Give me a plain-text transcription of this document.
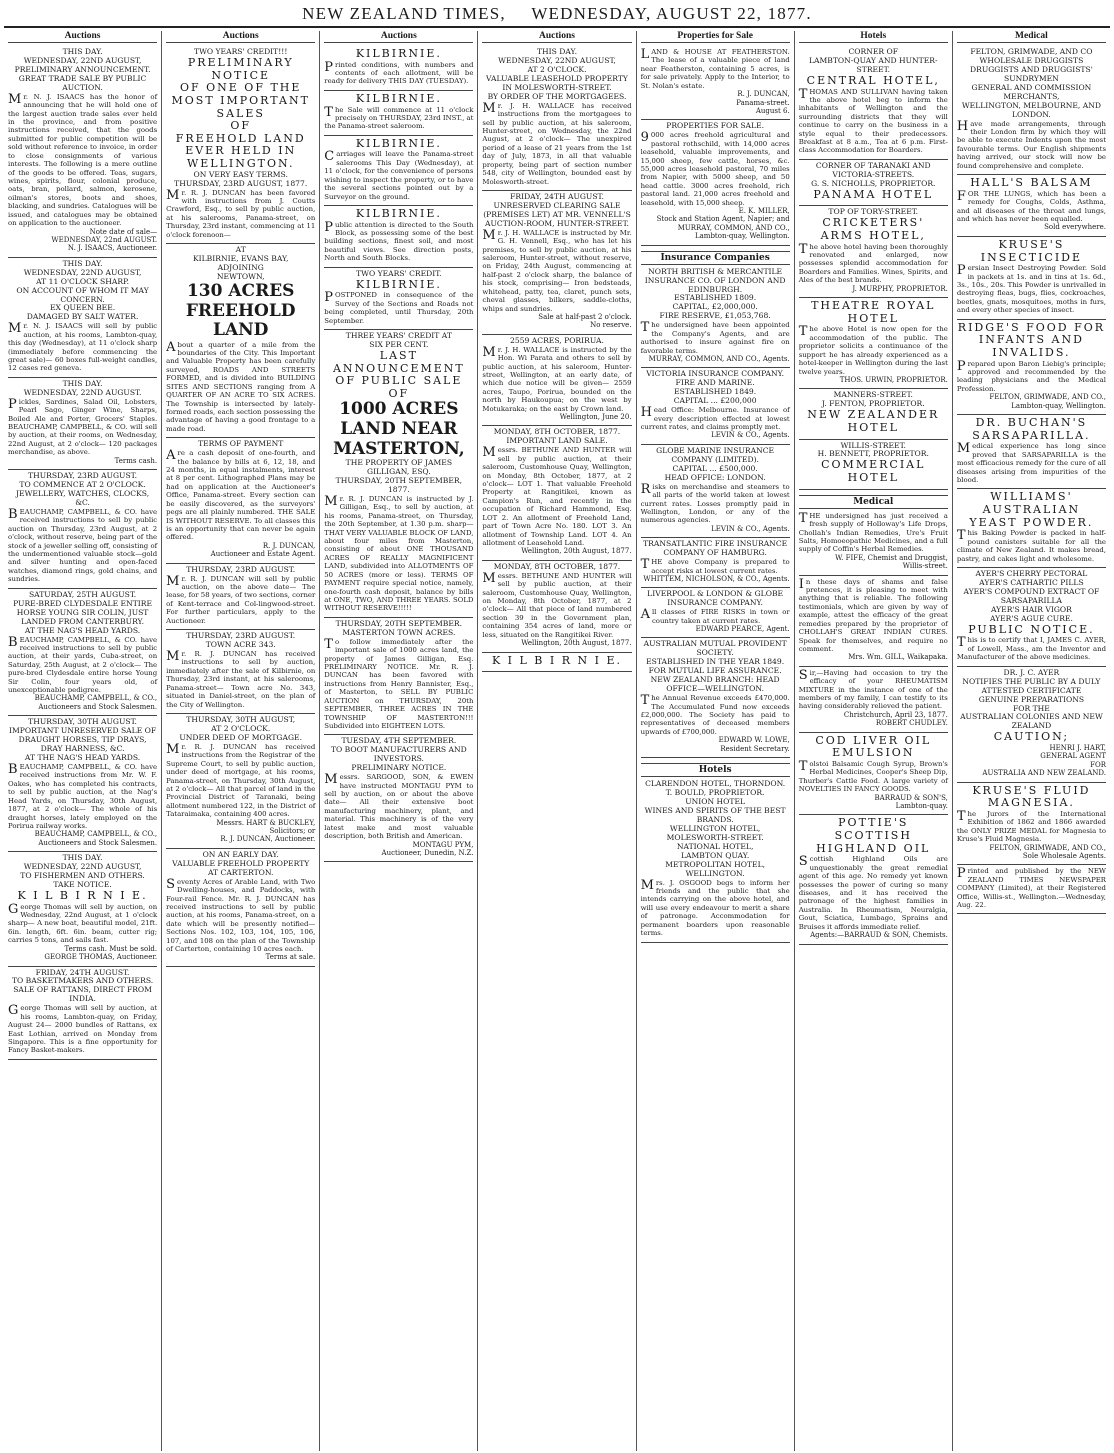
NEW ZEALAND TIMES, WEDNESDAY, AUGUST 22, 1877.
Auctions
THIS DAY.
WEDNESDAY, 22ND AUGUST,
PRELIMINARY ANNOUNCEMENT.
GREAT TRADE SALE BY PUBLIC AUCTION.
Mr. N. J. ISAACS has the honor of announcing that he will hold one of the largest auction trade sales ever held in the province, and from positive instructions received, that the goods submitted for public competition will be sold without reference to invoice, in order to close consignments of various interests. The following is a mere outline of the goods to be offered. Teas, sugars, wines, spirits, flour, colonial produce, oats, bran, pollard, salmon, kerosene, oilman's stores, boots and shoes, blacking, and sundries. Catalogues will be issued, and catalogues may be obtained on application to the auctioneer.
Note date of sale—
WEDNESDAY, 22nd AUGUST.
N. J. ISAACS, Auctioneer.
THIS DAY.
WEDNESDAY, 22ND AUGUST,
AT 11 O'CLOCK SHARP.
ON ACCOUNT OF WHOM IT MAY CONCERN.
EX QUEEN BEE.
DAMAGED BY SALT WATER.
Mr. N. J. ISAACS will sell by public auction, at his rooms, Lambton-quay, this day (Wednesday), at 11 o'clock sharp (immediately before commencing the great sale)— 60 boxes full-weight candles, 12 cases red geneva.
THIS DAY.
WEDNESDAY, 22ND AUGUST.
Pickles, Sardines, Salad Oil, Lobsters, Pearl Sago, Ginger Wine, Sharps, Boiled Ale and Porter, Grocers' Staples. BEAUCHAMP, CAMPBELL, & CO. will sell by auction, at their rooms, on Wednesday, 22nd August, at 2 o'clock— 120 packages merchandise, as above.
Terms cash.
THURSDAY, 23RD AUGUST.
TO COMMENCE AT 2 O'CLOCK.
JEWELLERY, WATCHES, CLOCKS, &C.
BEAUCHAMP, CAMPBELL, & CO. have received instructions to sell by public auction on Thursday, 23rd August, at 2 o'clock, without reserve, being part of the stock of a jeweller selling off, consisting of the undermentioned valuable stock—gold and silver hunting and open-faced watches, diamond rings, gold chains, and sundries.
SATURDAY, 25TH AUGUST.
PURE-BRED CLYDESDALE ENTIRE HORSE YOUNG SIR COLIN, JUST LANDED FROM CANTERBURY.
AT THE NAG'S HEAD YARDS.
BEAUCHAMP, CAMPBELL, & CO. have received instructions to sell by public auction, at their yards, Cuba-street, on Saturday, 25th August, at 2 o'clock— The pure-bred Clydesdale entire horse Young Sir Colin, four years old, of unexceptionable pedigree.
BEAUCHAMP, CAMPBELL, & CO.,
Auctioneers and Stock Salesmen.
THURSDAY, 30TH AUGUST.
IMPORTANT UNRESERVED SALE OF DRAUGHT HORSES, TIP DRAYS, DRAY HARNESS, &C.
AT THE NAG'S HEAD YARDS.
BEAUCHAMP, CAMPBELL, & CO. have received instructions from Mr. W. F. Oakes, who has completed his contracts, to sell by public auction, at the Nag's Head Yards, on Thursday, 30th August, 1877, at 2 o'clock— The whole of his draught horses, lately employed on the Porirua railway works.
BEAUCHAMP, CAMPBELL, & CO.,
Auctioneers and Stock Salesmen.
THIS DAY.
WEDNESDAY, 22ND AUGUST,
TO FISHERMEN AND OTHERS.
TAKE NOTICE.
K I L B I R N I E.
George Thomas will sell by auction, on Wednesday, 22nd August, at 1 o'clock sharp— A new boat, beautiful model, 21ft. 6in. length, 6ft. 6in. beam, cutter rig; carries 5 tons, and sails fast.
Terms cash. Must be sold.
GEORGE THOMAS, Auctioneer.
FRIDAY, 24TH AUGUST.
TO BASKETMAKERS AND OTHERS.
SALE OF RATTANS, DIRECT FROM INDIA.
George Thomas will sell by auction, at his rooms, Lambton-quay, on Friday, August 24— 2000 bundles of Rattans, ex East Lothian, arrived on Monday from Singapore. This is a fine opportunity for Fancy Basket-makers.
Auctions
TWO YEARS' CREDIT!!!
PRELIMINARY NOTICE
OF ONE OF THE
MOST IMPORTANT SALES
OF
FREEHOLD LAND
EVER HELD IN WELLINGTON.
ON VERY EASY TERMS.
THURSDAY, 23RD AUGUST, 1877.
Mr. R. J. DUNCAN has been favored with instructions from J. Coutts Crawford, Esq., to sell by public auction, at his salerooms, Panama-street, on Thursday, 23rd instant, commencing at 11 o'clock forenoon—
AT
KILBIRNIE, EVANS BAY,
ADJOINING
NEWTOWN,
130 ACRES FREEHOLD LAND
About a quarter of a mile from the boundaries of the City. This Important and Valuable Property has been carefully surveyed, ROADS AND STREETS FORMED, and is divided into BUILDING SITES AND SECTIONS ranging from A QUARTER OF AN ACRE TO SIX ACRES. The Township is intersected by lately-formed roads, each section possessing the advantage of having a good frontage to a made road.
TERMS OF PAYMENT
Are a cash deposit of one-fourth, and the balance by bills at 6, 12, 18, and 24 months, in equal instalments, interest at 8 per cent. Lithographed Plans may be had on application at the Auctioneer's Office, Panama-street. Every section can be easily discovered, as the surveyors' pegs are all plainly numbered. THE SALE IS WITHOUT RESERVE. To all classes this is an opportunity that can never be again offered.
R. J. DUNCAN,
Auctioneer and Estate Agent.
THURSDAY, 23RD AUGUST.
Mr. R. J. DUNCAN will sell by public auction, on the above date— The lease, for 58 years, of two sections, corner of Kent-terrace and Col-lingwood-street. For further particulars, apply to the Auctioneer.
THURSDAY, 23RD AUGUST.
TOWN ACRE 343.
Mr. R. J. DUNCAN has received instructions to sell by auction, immediately after the sale of Kilbirnie, on Thursday, 23rd instant, at his salerooms, Panama-street— Town acre No. 343, situated in Daniel-street, on the plan of the City of Wellington.
THURSDAY, 30TH AUGUST,
AT 2 O'CLOCK.
UNDER DEED OF MORTGAGE.
Mr. R. J. DUNCAN has received instructions from the Registrar of the Supreme Court, to sell by public auction, under deed of mortgage, at his rooms, Panama-street, on Thursday, 30th August, at 2 o'clock— All that parcel of land in the Provincial District of Taranaki, being allotment numbered 122, in the District of Tataraimaka, containing 400 acres.
Messrs. HART & BUCKLEY,
Solicitors; or
R. J. DUNCAN, Auctioneer.
ON AN EARLY DAY.
VALUABLE FREEHOLD PROPERTY
AT CARTERTON.
Seventy Acres of Arable Land, with Two Dwelling-houses, and Paddocks, with Four-rail Fence. Mr. R. J. DUNCAN has received instructions to sell by public auction, at his rooms, Panama-street, on a date which will be presently notified— Sections Nos. 102, 103, 104, 105, 106, 107, and 108 on the plan of the Township of Carterton, containing 10 acres each.
Terms at sale.
Auctions
KILBIRNIE.
Printed conditions, with numbers and contents of each allotment, will be ready for delivery THIS DAY (TUESDAY).
KILBIRNIE.
The Sale will commence at 11 o'clock precisely on THURSDAY, 23rd INST., at the Panama-street saleroom.
KILBIRNIE.
Carriages will leave the Panama-street salerooms This Day (Wednesday), at 11 o'clock, for the convenience of persons wishing to inspect the property, or to have the several sections pointed out by a Surveyor on the ground.
KILBIRNIE.
Public attention is directed to the South Block, as possessing some of the best building sections, finest soil, and most beautiful views. See direction posts, North and South Blocks.
TWO YEARS' CREDIT.
KILBIRNIE.
POSTPONED in consequence of the Survey of the Sections and Roads not being completed, until Thursday, 20th September.
THREE YEARS' CREDIT AT
SIX PER CENT.
LAST ANNOUNCEMENT
OF PUBLIC SALE
OF
1000 ACRES LAND NEAR MASTERTON,
THE PROPERTY OF JAMES GILLIGAN, ESQ.
THURSDAY, 20TH SEPTEMBER, 1877.
Mr. R. J. DUNCAN is instructed by J. Gilligan, Esq., to sell by auction, at his rooms, Panama-street, on Thursday, the 20th September, at 1.30 p.m. sharp— THAT VERY VALUABLE BLOCK OF LAND, about four miles from Masterton, consisting of about ONE THOUSAND ACRES OF REALLY MAGNIFICENT LAND, subdivided into ALLOTMENTS OF 50 ACRES (more or less). TERMS OF PAYMENT require special notice, namely, one-fourth cash deposit, balance by bills at ONE, TWO, AND THREE YEARS. SOLD WITHOUT RESERVE!!!!!
THURSDAY, 20TH SEPTEMBER.
MASTERTON TOWN ACRES.
To follow immediately after the important sale of 1000 acres land, the property of James Gilligan, Esq. PRELIMINARY NOTICE. Mr. R. J. DUNCAN has been favored with instructions from Henry Bannister, Esq., of Masterton, to SELL BY PUBLIC AUCTION on THURSDAY, 20th SEPTEMBER, THREE ACRES IN THE TOWNSHIP OF MASTERTON!!! Subdivided into EIGHTEEN LOTS.
TUESDAY, 4TH SEPTEMBER.
TO BOOT MANUFACTURERS AND INVESTORS.
PRELIMINARY NOTICE.
Messrs. SARGOOD, SON, & EWEN have instructed MONTAGU PYM to sell by auction, on or about the above date— All their extensive boot manufacturing machinery, plant, and material. This machinery is of the very latest make and most valuable description, both British and American.
MONTAGU PYM,
Auctioneer, Dunedin, N.Z.
Auctions
THIS DAY.
WEDNESDAY, 22ND AUGUST,
AT 2 O'CLOCK.
VALUABLE LEASEHOLD PROPERTY IN MOLESWORTH-STREET.
BY ORDER OF THE MORTGAGEES.
Mr. J. H. WALLACE has received instructions from the mortgagees to sell by public auction, at his saleroom, Hunter-street, on Wednesday, the 22nd August, at 2 o'clock— The unexpired period of a lease of 21 years from the 1st day of July, 1873, in all that valuable property, being part of section number 548, city of Wellington, bounded east by Molesworth-street.
FRIDAY, 24TH AUGUST.
UNRESERVED CLEARING SALE (PREMISES LET) AT MR. VENNELL'S AUCTION-ROOM, HUNTER-STREET.
Mr. J. H. WALLACE is instructed by Mr. G. H. Vennell, Esq., who has let his premises, to sell by public auction, at his saleroom, Hunter-street, without reserve, on Friday, 24th August, commencing at half-past 2 o'clock sharp, the balance of his stock, comprising— Iron bedsteads, whitehead, patty, tea, claret, punch sets, cheval glasses, bilkers, saddle-cloths, whips and sundries.
Sale at half-past 2 o'clock.
No reserve.
2559 ACRES, PORIRUA.
Mr. J. H. WALLACE is instructed by the Hon. Wi Parata and others to sell by public auction, at his saleroom, Hunter-street, Wellington, at an early date, of which due notice will be given— 2559 acres, Taupo, Porirua, bounded on the north by Haukoupua; on the west by Motukaraka; on the east by Crown land.
Wellington, June 20.
MONDAY, 8TH OCTOBER, 1877.
IMPORTANT LAND SALE.
Messrs. BETHUNE AND HUNTER will sell by public auction, at their saleroom, Customhouse Quay, Wellington, on Monday, 8th October, 1877, at 2 o'clock— LOT 1. That valuable Freehold Property at Rangitikei, known as Campion's Run, and recently in the occupation of Richard Hammond, Esq. LOT 2. An allotment of Freehold Land, part of Town Acre No. 180. LOT 3. An allotment of Township Land. LOT 4. An allotment of Leasehold Land.
Wellington, 20th August, 1877.
MONDAY, 8TH OCTOBER, 1877.
Messrs. BETHUNE AND HUNTER will sell by public auction, at their saleroom, Customhouse Quay, Wellington, on Monday, 8th October, 1877, at 2 o'clock— All that piece of land numbered section 39 in the Government plan, containing 354 acres of land, more or less, situated on the Rangitikei River.
Wellington, 20th August, 1877.
K I L B I R N I E.
Properties for Sale
LAND & HOUSE AT FEATHERSTON. The lease of a valuable piece of land near Featherston, containing 5 acres, is for sale privately. Apply to the Interior, to St. Nolan's estate.
R. J. DUNCAN,
Panama-street.
August 6.
PROPERTIES FOR SALE.
9000 acres freehold agricultural and pastoral rothschild, with 14,000 acres leasehold, valuable improvements, and 15,000 sheep, few cattle, horses, &c. 55,000 acres leasehold pastoral, 70 miles from Napier, with 5000 sheep, and 50 head cattle. 3000 acres freehold, rich pastoral land. 21,000 acres freehold and leasehold, with 15,000 sheep.
E. K. MILLER,
Stock and Station Agent, Napier; and
MURRAY, COMMON, AND CO.,
Lambton-quay, Wellington.
Insurance Companies
NORTH BRITISH & MERCANTILE INSURANCE CO. OF LONDON AND EDINBURGH.
ESTABLISHED 1809.
CAPITAL, £2,000,000.
FIRE RESERVE, £1,053,768.
The undersigned have been appointed the Company's Agents, and are authorised to insure against fire on favorable terms.
MURRAY, COMMON, AND CO., Agents.
VICTORIA INSURANCE COMPANY.
FIRE AND MARINE.
ESTABLISHED 1849.
CAPITAL ... £200,000
Head Office: Melbourne. Insurance of every description effected at lowest current rates, and claims promptly met.
LEVIN & CO., Agents.
GLOBE MARINE INSURANCE COMPANY (LIMITED).
CAPITAL ... £500,000.
HEAD OFFICE: LONDON.
Risks on merchandise and steamers to all parts of the world taken at lowest current rates. Losses promptly paid in Wellington, London, or any of the numerous agencies.
LEVIN & CO., Agents.
TRANSATLANTIC FIRE INSURANCE COMPANY OF HAMBURG.
THE above Company is prepared to accept risks at lowest current rates.
WHITTEM, NICHOLSON, & CO., Agents.
LIVERPOOL & LONDON & GLOBE INSURANCE COMPANY.
All classes of FIRE RISKS in town or country taken at current rates.
EDWARD PEARCE, Agent.
AUSTRALIAN MUTUAL PROVIDENT SOCIETY.
ESTABLISHED IN THE YEAR 1849.
FOR MUTUAL LIFE ASSURANCE.
NEW ZEALAND BRANCH: HEAD OFFICE—WELLINGTON.
The Annual Revenue exceeds £470,000. The Accumulated Fund now exceeds £2,000,000. The Society has paid to representatives of deceased members upwards of £700,000.
EDWARD W. LOWE,
Resident Secretary.
Hotels
CLARENDON HOTEL, THORNDON.
T. BOULD, PROPRIETOR.
UNION HOTEL
WINES AND SPIRITS OF THE BEST BRANDS.
WELLINGTON HOTEL,
MOLESWORTH-STREET.
NATIONAL HOTEL,
LAMBTON QUAY.
METROPOLITAN HOTEL,
WELLINGTON.
Mrs. J. OSGOOD begs to inform her friends and the public that she intends carrying on the above hotel, and will use every endeavour to merit a share of patronage. Accommodation for permanent boarders upon reasonable terms.
Hotels
CORNER OF
LAMBTON-QUAY AND HUNTER-STREET.
CENTRAL HOTEL,
THOMAS AND SULLIVAN having taken the above hotel beg to inform the inhabitants of Wellington and the surrounding districts that they will continue to carry on the business in a style equal to their predecessors. Breakfast at 8 a.m., Tea at 6 p.m. First-class Accommodation for Boarders.
CORNER OF TARANAKI AND VICTORIA-STREETS.
G. S. NICHOLLS, PROPRIETOR.
PANAMA HOTEL
TOP OF TORY-STREET.
CRICKETERS' ARMS HOTEL,
The above hotel having been thoroughly renovated and enlarged, now possesses splendid accommodation for Boarders and Families. Wines, Spirits, and Ales of the best brands.
J. MURPHY, PROPRIETOR.
THEATRE ROYAL HOTEL
The above Hotel is now open for the accommodation of the public. The proprietor solicits a continuance of the support he has already experienced as a hotel-keeper in Wellington during the last twelve years.
THOS. URWIN, PROPRIETOR.
MANNERS-STREET.
J. FENTON, PROPRIETOR.
NEW ZEALANDER HOTEL
WILLIS-STREET.
H. BENNETT, PROPRIETOR.
COMMERCIAL HOTEL
Medical
THE undersigned has just received a fresh supply of Holloway's Life Drops, Chollah's Indian Remedies, Ure's Fruit Salts, Homoeopathic Medicines, and a full supply of Coffin's Herbal Remedies.
W. FIFE, Chemist and Druggist,
Willis-street.
In these days of shams and false pretences, it is pleasing to meet with anything that is reliable. The following testimonials, which are given by way of example, attest the efficacy of the great remedies prepared by the proprietor of CHOLLAH'S GREAT INDIAN CURES. Speak for themselves, and require no comment.
Mrs. Wm. GILL, Waikapaka.
Sir,—Having had occasion to try the efficacy of your RHEUMATISM MIXTURE in the instance of one of the members of my family, I can testify to its having considerably relieved the patient.
Christchurch, April 23, 1877.
ROBERT CHUDLEY.
COD LIVER OIL EMULSION
Tolstoi Balsamic Cough Syrup, Brown's Herbal Medicines, Cooper's Sheep Dip, Thurber's Cattle Food. A large variety of NOVELTIES IN FANCY GOODS.
BARRAUD & SON'S,
Lambton-quay.
POTTIE'S SCOTTISH HIGHLAND OIL
Scottish Highland Oils are unquestionably the great remedial agent of this age. No remedy yet known possesses the power of curing so many diseases, and it has received the patronage of the highest families in Australia. In Rheumatism, Neuralgia, Gout, Sciatica, Lumbago, Sprains and Bruises it affords immediate relief.
Agents:—BARRAUD & SON, Chemists.
Medical
FELTON, GRIMWADE, AND CO
WHOLESALE DRUGGISTS
DRUGGISTS AND DRUGGISTS' SUNDRYMEN
GENERAL AND COMMISSION MERCHANTS,
WELLINGTON, MELBOURNE, AND LONDON.
Have made arrangements, through their London firm by which they will be able to execute Indents upon the most favourable terms. Our English shipments having arrived, our stock will now be found comprehensive and complete.
HALL'S BALSAM
FOR THE LUNGS, which has been a remedy for Coughs, Colds, Asthma, and all diseases of the throat and lungs, and which has never been equalled.
Sold everywhere.
KRUSE'S INSECTICIDE
Persian Insect Destroying Powder. Sold in packets at 1s. and in tins at 1s. 6d., 3s., 10s., 20s. This Powder is unrivalled in destroying fleas, bugs, flies, cockroaches, beetles, gnats, mosquitoes, moths in furs, and every other species of insect.
RIDGE'S FOOD FOR INFANTS AND INVALIDS.
Prepared upon Baron Liebig's principle; approved and recommended by the leading physicians and the Medical Profession.
FELTON, GRIMWADE, AND CO.,
Lambton-quay, Wellington.
DR. BUCHAN'S SARSAPARILLA.
Medical experience has long since proved that SARSAPARILLA is the most efficacious remedy for the cure of all diseases arising from impurities of the blood.
WILLIAMS' AUSTRALIAN YEAST POWDER.
This Baking Powder is packed in half-pound canisters suitable for all the climate of New Zealand. It makes bread, pastry, and cakes light and wholesome.
AYER'S CHERRY PECTORAL
AYER'S CATHARTIC PILLS
AYER'S COMPOUND EXTRACT OF SARSAPARILLA
AYER'S HAIR VIGOR
AYER'S AGUE CURE.
PUBLIC NOTICE.
This is to certify that I, JAMES C. AYER, of Lowell, Mass., am the Inventor and Manufacturer of the above medicines.
DR. J. C. AYER
NOTIFIES THE PUBLIC BY A DULY ATTESTED CERTIFICATE
GENUINE PREPARATIONS
FOR THE
AUSTRALIAN COLONIES AND NEW ZEALAND
CAUTION;
HENRI J. HART,
GENERAL AGENT
FOR
AUSTRALIA AND NEW ZEALAND.
KRUSE'S FLUID MAGNESIA.
The Jurors of the International Exhibition of 1862 and 1866 awarded the ONLY PRIZE MEDAL for Magnesia to Kruse's Fluid Magnesia.
FELTON, GRIMWADE, AND CO.,
Sole Wholesale Agents.
Printed and published by the NEW ZEALAND TIMES NEWSPAPER COMPANY (Limited), at their Registered Office, Willis-st., Wellington.—Wednesday, Aug. 22.
